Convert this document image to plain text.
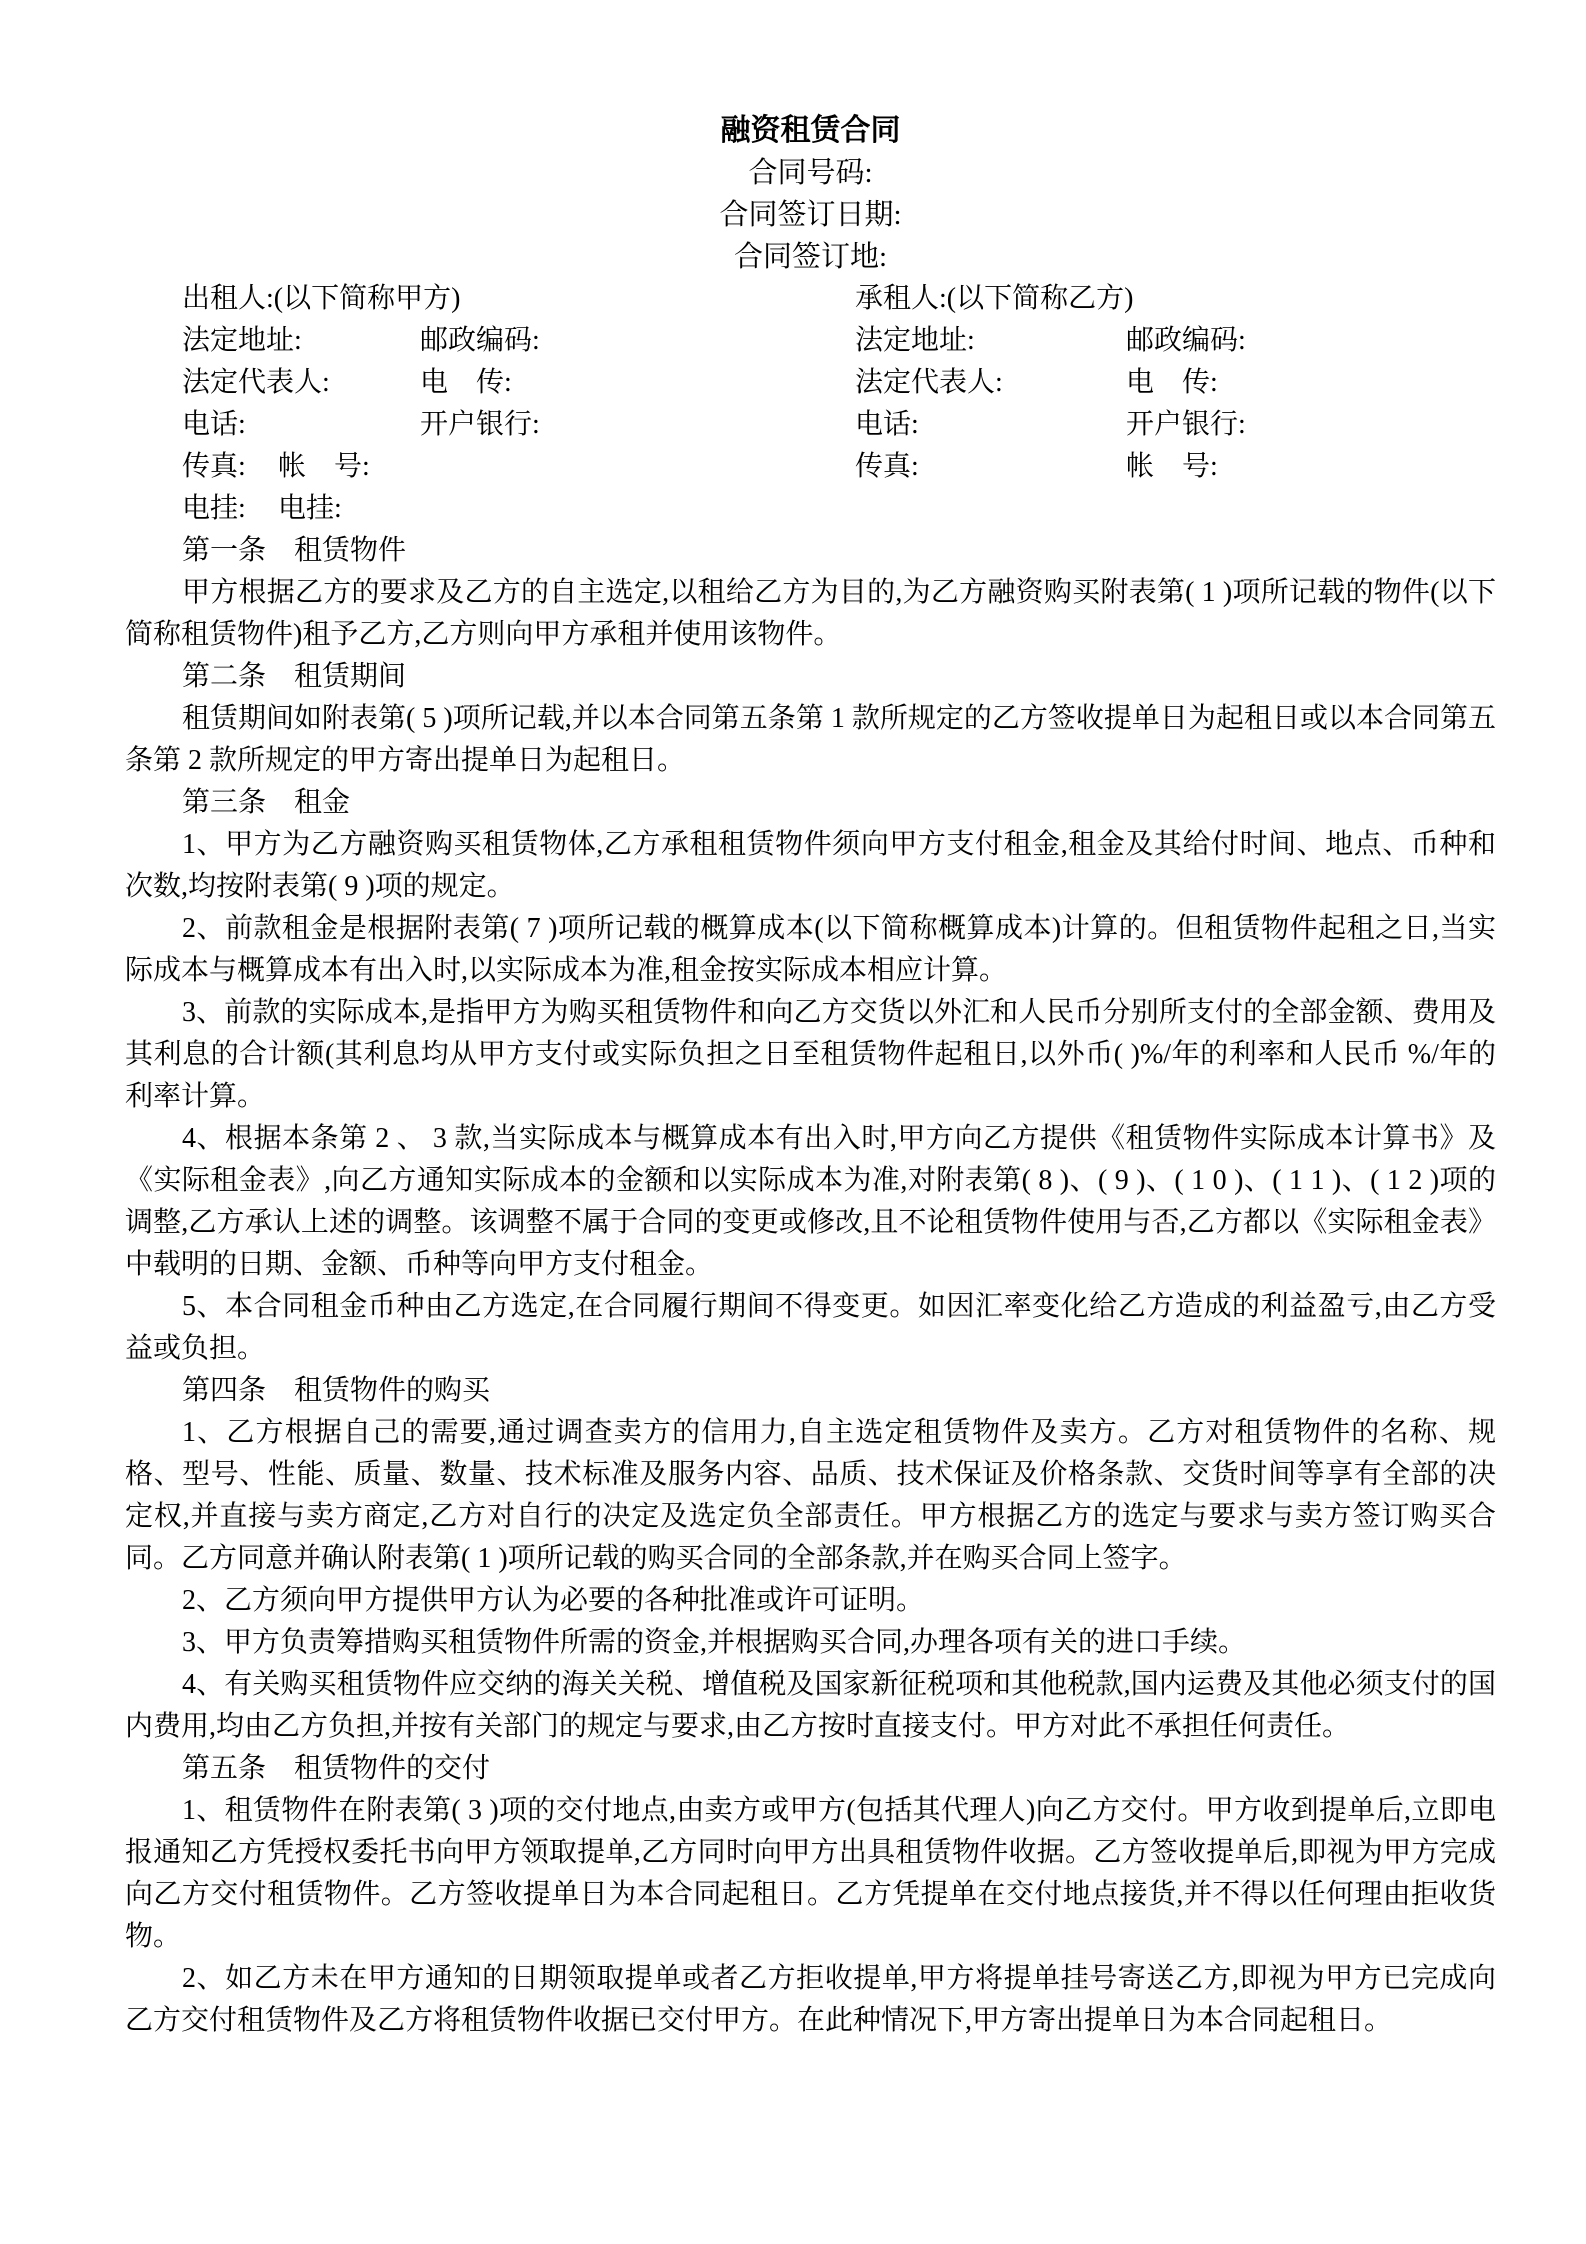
融资租赁合同

合同号码:

合同签订日期:

合同签订地:

出租人:(以下简称甲方)
法定地址:	邮政编码:
法定代表人:	电　传:
电话:	开户银行:
传真: 帐　号:
电挂: 电挂:
承租人:(以下简称乙方)
法定地址:	邮政编码:
法定代表人:	电　传:
电话:	开户银行:
传真:	帐　号:
第一条　租赁物件

甲方根据乙方的要求及乙方的自主选定,以租给乙方为目的,为乙方融资购买附表第( 1 )项所记载的物件(以下简称租赁物件)租予乙方,乙方则向甲方承租并使用该物件。

第二条　租赁期间

租赁期间如附表第( 5 )项所记载,并以本合同第五条第 1 款所规定的乙方签收提单日为起租日或以本合同第五条第 2 款所规定的甲方寄出提单日为起租日。

第三条　租金

1、甲方为乙方融资购买租赁物体,乙方承租租赁物件须向甲方支付租金,租金及其给付时间、地点、币种和次数,均按附表第( 9 )项的规定。

2、前款租金是根据附表第( 7 )项所记载的概算成本(以下简称概算成本)计算的。但租赁物件起租之日,当实际成本与概算成本有出入时,以实际成本为准,租金按实际成本相应计算。

3、前款的实际成本,是指甲方为购买租赁物件和向乙方交货以外汇和人民币分别所支付的全部金额、费用及其利息的合计额(其利息均从甲方支付或实际负担之日至租赁物件起租日,以外币( )%/年的利率和人民币 %/年的利率计算。

4、根据本条第 2 、 3 款,当实际成本与概算成本有出入时,甲方向乙方提供《租赁物件实际成本计算书》及《实际租金表》,向乙方通知实际成本的金额和以实际成本为准,对附表第( 8 )、( 9 )、( 1 0 )、( 1 1 )、( 1 2 )项的调整,乙方承认上述的调整。该调整不属于合同的变更或修改,且不论租赁物件使用与否,乙方都以《实际租金表》中载明的日期、金额、币种等向甲方支付租金。

5、本合同租金币种由乙方选定,在合同履行期间不得变更。如因汇率变化给乙方造成的利益盈亏,由乙方受益或负担。

第四条　租赁物件的购买

1、乙方根据自己的需要,通过调查卖方的信用力,自主选定租赁物件及卖方。乙方对租赁物件的名称、规格、型号、性能、质量、数量、技术标准及服务内容、品质、技术保证及价格条款、交货时间等享有全部的决定权,并直接与卖方商定,乙方对自行的决定及选定负全部责任。甲方根据乙方的选定与要求与卖方签订购买合同。乙方同意并确认附表第( 1 )项所记载的购买合同的全部条款,并在购买合同上签字。

2、乙方须向甲方提供甲方认为必要的各种批准或许可证明。

3、甲方负责筹措购买租赁物件所需的资金,并根据购买合同,办理各项有关的进口手续。

4、有关购买租赁物件应交纳的海关关税、增值税及国家新征税项和其他税款,国内运费及其他必须支付的国内费用,均由乙方负担,并按有关部门的规定与要求,由乙方按时直接支付。甲方对此不承担任何责任。

第五条　租赁物件的交付

1、租赁物件在附表第( 3 )项的交付地点,由卖方或甲方(包括其代理人)向乙方交付。甲方收到提单后,立即电报通知乙方凭授权委托书向甲方领取提单,乙方同时向甲方出具租赁物件收据。乙方签收提单后,即视为甲方完成向乙方交付租赁物件。乙方签收提单日为本合同起租日。乙方凭提单在交付地点接货,并不得以任何理由拒收货物。

2、如乙方未在甲方通知的日期领取提单或者乙方拒收提单,甲方将提单挂号寄送乙方,即视为甲方已完成向乙方交付租赁物件及乙方将租赁物件收据已交付甲方。在此种情况下,甲方寄出提单日为本合同起租日。
